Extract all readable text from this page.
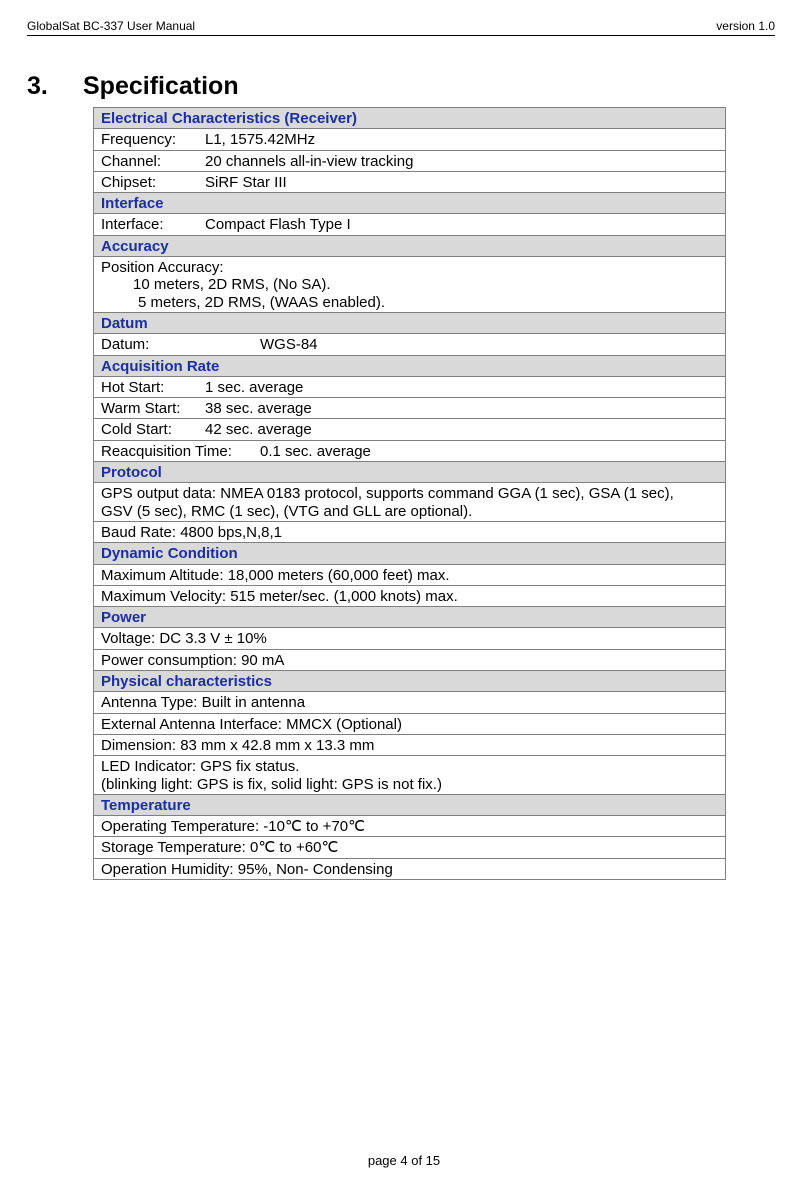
GlobalSat BC-337 User Manual	version 1.0
3. Specification
Electrical Characteristics (Receiver)
Frequency: L1, 1575.42MHz
Channel:	20 channels all-in-view tracking
Chipset:	SiRF Star III
Interface
Interface:	Compact Flash Type I
Accuracy

Position Accuracy:
10 meters, 2D RMS, (No SA).
5 meters, 2D RMS, (WAAS enabled).

Datum
Datum:	WGS-84
Acquisition Rate
Hot Start:	1 sec. average
Warm Start: 38 sec. average
Cold Start: 42 sec. average
Reacquisition Time: 0.1 sec. average
Protocol

GPS output data: NMEA 0183 protocol, supports command GGA (1 sec), GSA (1 sec),
GSV (5 sec), RMC (1 sec), (VTG and GLL are optional).

Baud Rate: 4800 bps,N,8,1
Dynamic Condition
Maximum Altitude: 18,000 meters (60,000 feet) max.
Maximum Velocity: 515 meter/sec. (1,000 knots) max.
Power
Voltage: DC 3.3 V ± 10%
Power consumption: 90 mA
Physical characteristics
Antenna Type: Built in antenna
External Antenna Interface: MMCX (Optional)
Dimension: 83 mm x 42.8 mm x 13.3 mm

LED Indicator: GPS fix status.
(blinking light: GPS is fix, solid light: GPS is not fix.)

Temperature
Operating Temperature: -10℃ to +70℃
Storage Temperature: 0℃ to +60℃
Operation Humidity: 95%, Non- Condensing
page 4 of 15
